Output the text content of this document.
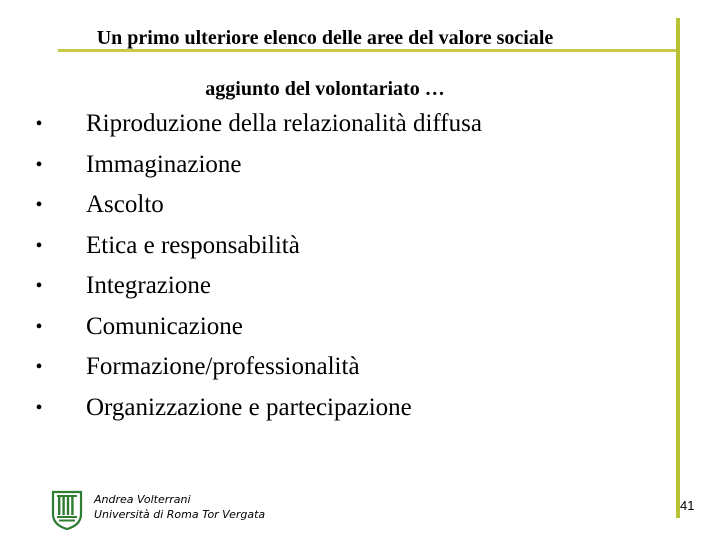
Un primo ulteriore elenco delle aree del valore sociale
aggiunto del volontariato …
• Riproduzione della relazionalità diffusa
• Immaginazione
• Ascolto
• Etica e responsabilità
• Integrazione
• Comunicazione
• Formazione/professionalità
• Organizzazione e partecipazione
Andrea Volterrani
Università di Roma Tor Vergata
41
